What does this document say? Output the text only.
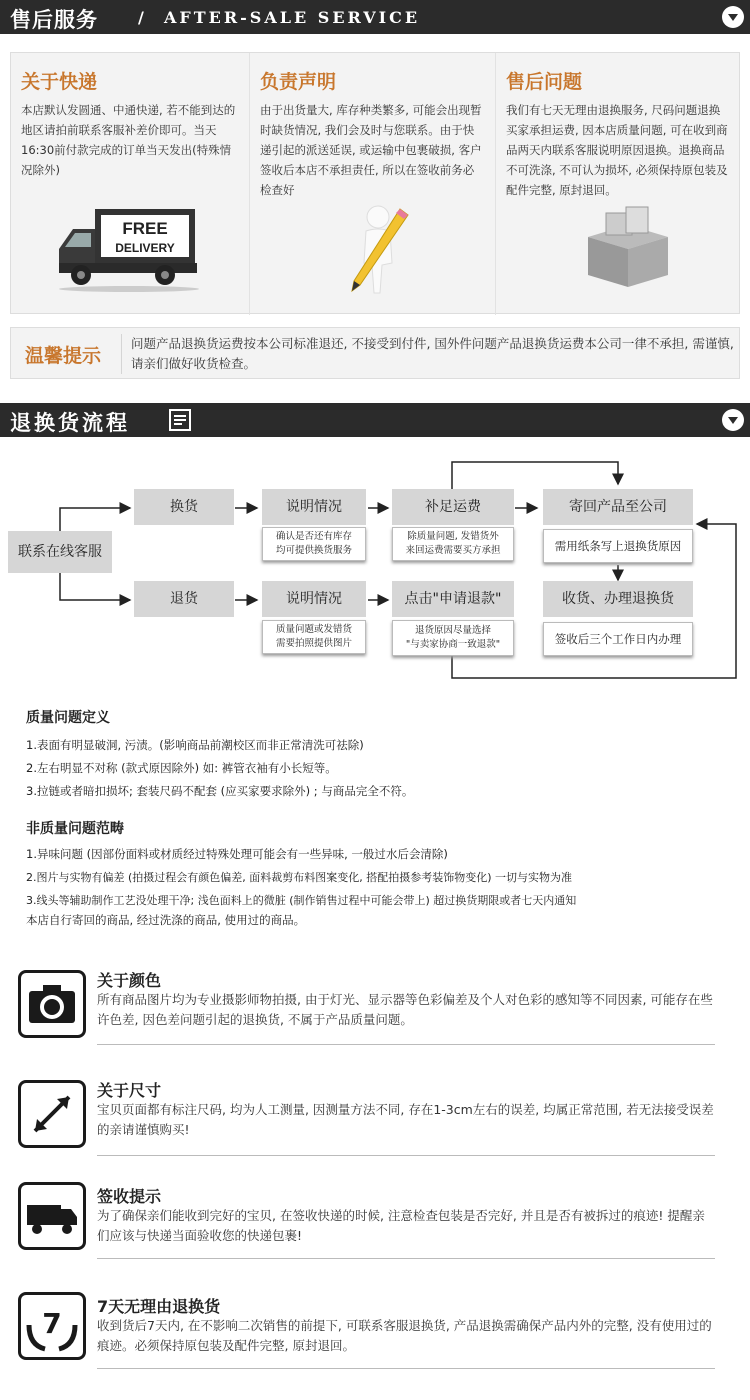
售后服务	/ AFTER-SALE SERVICE
关于快递

本店默认发圆通、中通快递, 若不能到达的地区请拍前联系客服补差价即可。当天16:30前付款完成的订单当天发出(特殊情况除外)

FREE
DELIVERY
负责声明

由于出货量大, 库存种类繁多, 可能会出现暂时缺货情况, 我们会及时与您联系。由于快递引起的派送延误, 或运输中包裹破损, 客户签收后本店不承担责任, 所以在签收前务必检查好

售后问题

我们有七天无理由退换服务, 尺码问题退换买家承担运费, 因本店质量问题, 可在收到商品两天内联系客服说明原因退换。退换商品不可洗涤, 不可认为损坏, 必须保持原包装及配件完整, 原封退回。

温馨提示
问题产品退换货运费按本公司标准退还, 不接受到付件, 国外件问题产品退换货运费本公司一律不承担, 需谨慎, 请亲们做好收货检查。
退换货流程
联系在线客服
换货
退货
说明情况
说明情况
补足运费
点击"申请退款"
寄回产品至公司
收货、办理退换货
确认是否还有库存
均可提供换货服务
质量问题或发错货
需要拍照提供图片
除质量问题, 发错货外
来回运费需要买方承担
退货原因尽量选择
"与卖家协商一致退款"
需用纸条写上退换货原因
签收后三个工作日内办理
质量问题定义
1.表面有明显破洞, 污渍。(影响商品前潮校区而非正常清洗可祛除)
2.左右明显不对称 (款式原因除外) 如: 裤管衣袖有小长短等。
3.拉链或者暗扣损坏; 套装尺码不配套 (应买家要求除外) ; 与商品完全不符。
非质量问题范畴
1.异味问题 (因部份面料或材质经过特殊处理可能会有一些异味, 一般过水后会清除)
2.图片与实物有偏差 (拍摄过程会有颜色偏差, 面料裁剪布料图案变化, 搭配拍摄参考装饰物变化) 一切与实物为准
3.线头等辅助制作工艺没处理干净; 浅色面料上的微脏 (制作销售过程中可能会带上) 超过换货期限或者七天内通知
本店自行寄回的商品, 经过洗涤的商品, 使用过的商品。
关于颜色
所有商品图片均为专业摄影师物拍摄, 由于灯光、显示器等色彩偏差及个人对色彩的感知等不同因素, 可能存在些许色差, 因色差问题引起的退换货, 不属于产品质量问题。
关于尺寸
宝贝页面都有标注尺码, 均为人工测量, 因测量方法不同, 存在1-3cm左右的误差, 均属正常范围, 若无法接受误差的亲请谨慎购买!
签收提示
为了确保亲们能收到完好的宝贝, 在签收快递的时候, 注意检查包装是否完好, 并且是否有被拆过的痕迹! 提醒亲们应该与快递当面验收您的快递包裹!
7
7天无理由退换货
收到货后7天内, 在不影响二次销售的前提下, 可联系客服退换货, 产品退换需确保产品内外的完整, 没有使用过的痕迹。必须保持原包装及配件完整, 原封退回。
